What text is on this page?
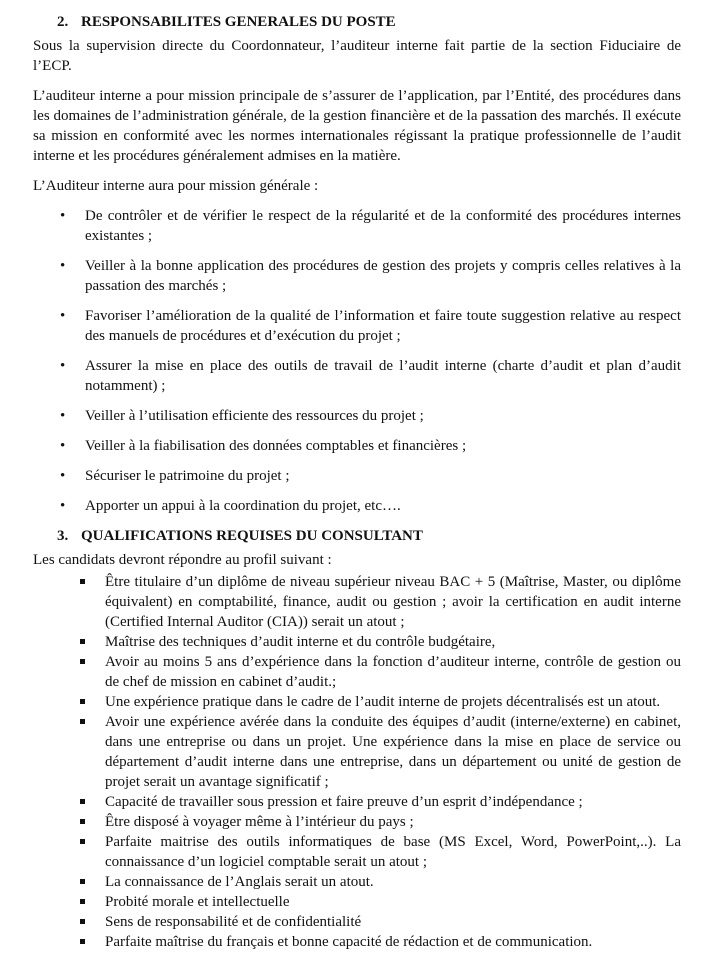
2. RESPONSABILITES GENERALES DU POSTE

Sous la supervision directe du Coordonnateur, l’auditeur interne fait partie de la section Fiduciaire de l’ECP.

L’auditeur interne a pour mission principale de s’assurer de l’application, par l’Entité, des procédures dans les domaines de l’administration générale, de la gestion financière et de la passation des marchés. Il exécute sa mission en conformité avec les normes internationales régissant la pratique professionnelle de l’audit interne et les procédures généralement admises en la matière.

L’Auditeur interne aura pour mission générale :

• De contrôler et de vérifier le respect de la régularité et de la conformité des procédures internes existantes ;
• Veiller à la bonne application des procédures de gestion des projets y compris celles relatives à la passation des marchés ;
• Favoriser l’amélioration de la qualité de l’information et faire toute suggestion relative au respect des manuels de procédures et d’exécution du projet ;
• Assurer la mise en place des outils de travail de l’audit interne (charte d’audit et plan d’audit notamment) ;
• Veiller à l’utilisation efficiente des ressources du projet ;
• Veiller à la fiabilisation des données comptables et financières ;
• Sécuriser le patrimoine du projet ;
• Apporter un appui à la coordination du projet, etc….
3. QUALIFICATIONS REQUISES DU CONSULTANT

Les candidats devront répondre au profil suivant :

Être titulaire d’un diplôme de niveau supérieur niveau BAC + 5 (Maîtrise, Master, ou diplôme équivalent) en comptabilité, finance, audit ou gestion ; avoir la certification en audit interne (Certified Internal Auditor (CIA)) serait un atout ;
Maîtrise des techniques d’audit interne et du contrôle budgétaire,
Avoir au moins 5 ans d’expérience dans la fonction d’auditeur interne, contrôle de gestion ou de chef de mission en cabinet d’audit.;
Une expérience pratique dans le cadre de l’audit interne de projets décentralisés est un atout.
Avoir une expérience avérée dans la conduite des équipes d’audit (interne/externe) en cabinet, dans une entreprise ou dans un projet. Une expérience dans la mise en place de service ou département d’audit interne dans une entreprise, dans un département ou unité de gestion de projet serait un avantage significatif ;
Capacité de travailler sous pression et faire preuve d’un esprit d’indépendance ;
Être disposé à voyager même à l’intérieur du pays ;
Parfaite maitrise des outils informatiques de base (MS Excel, Word, PowerPoint,..). La connaissance d’un logiciel comptable serait un atout ;
La connaissance de l’Anglais serait un atout.
Probité morale et intellectuelle
Sens de responsabilité et de confidentialité
Parfaite maîtrise du français et bonne capacité de rédaction et de communication.
